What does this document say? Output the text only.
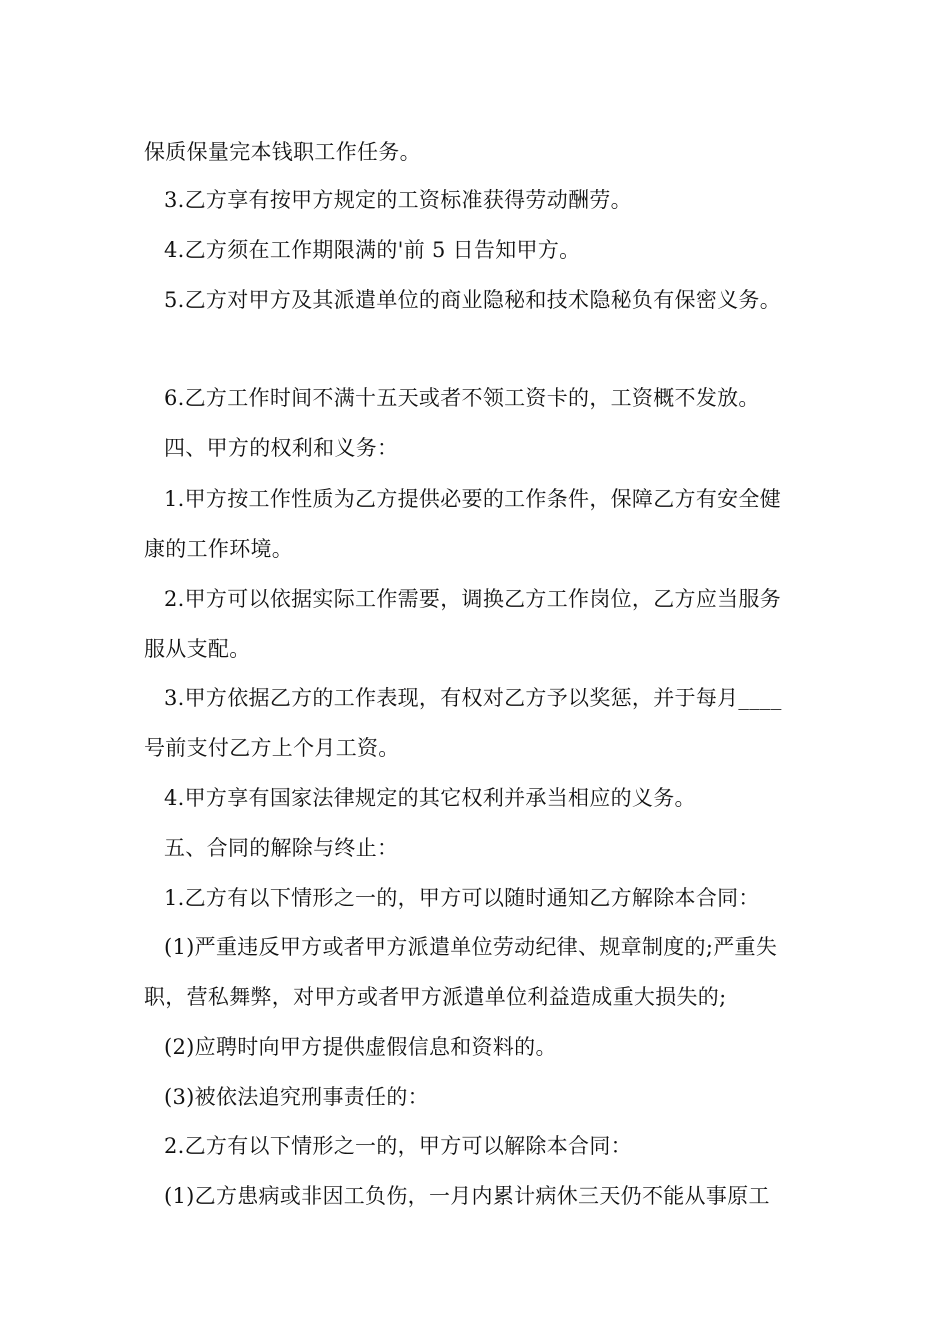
保质保量完本钱职工作任务。
3.乙方享有按甲方规定的工资标准获得劳动酬劳。
4.乙方须在工作期限满的'前 5 日告知甲方。
5.乙方对甲方及其派遣单位的商业隐秘和技术隐秘负有保密义务。
6.乙方工作时间不满十五天或者不领工资卡的，工资概不发放。
四、甲方的权利和义务：
1.甲方按工作性质为乙方提供必要的工作条件，保障乙方有安全健
康的工作环境。
2.甲方可以依据实际工作需要，调换乙方工作岗位，乙方应当服务
服从支配。
3.甲方依据乙方的工作表现，有权对乙方予以奖惩，并于每月____
号前支付乙方上个月工资。
4.甲方享有国家法律规定的其它权利并承当相应的义务。
五、合同的解除与终止：
1.乙方有以下情形之一的，甲方可以随时通知乙方解除本合同：
(1)严重违反甲方或者甲方派遣单位劳动纪律、规章制度的;严重失
职，营私舞弊，对甲方或者甲方派遣单位利益造成重大损失的;
(2)应聘时向甲方提供虚假信息和资料的。
(3)被依法追究刑事责任的：
2.乙方有以下情形之一的，甲方可以解除本合同：
(1)乙方患病或非因工负伤，一月内累计病休三天仍不能从事原工
